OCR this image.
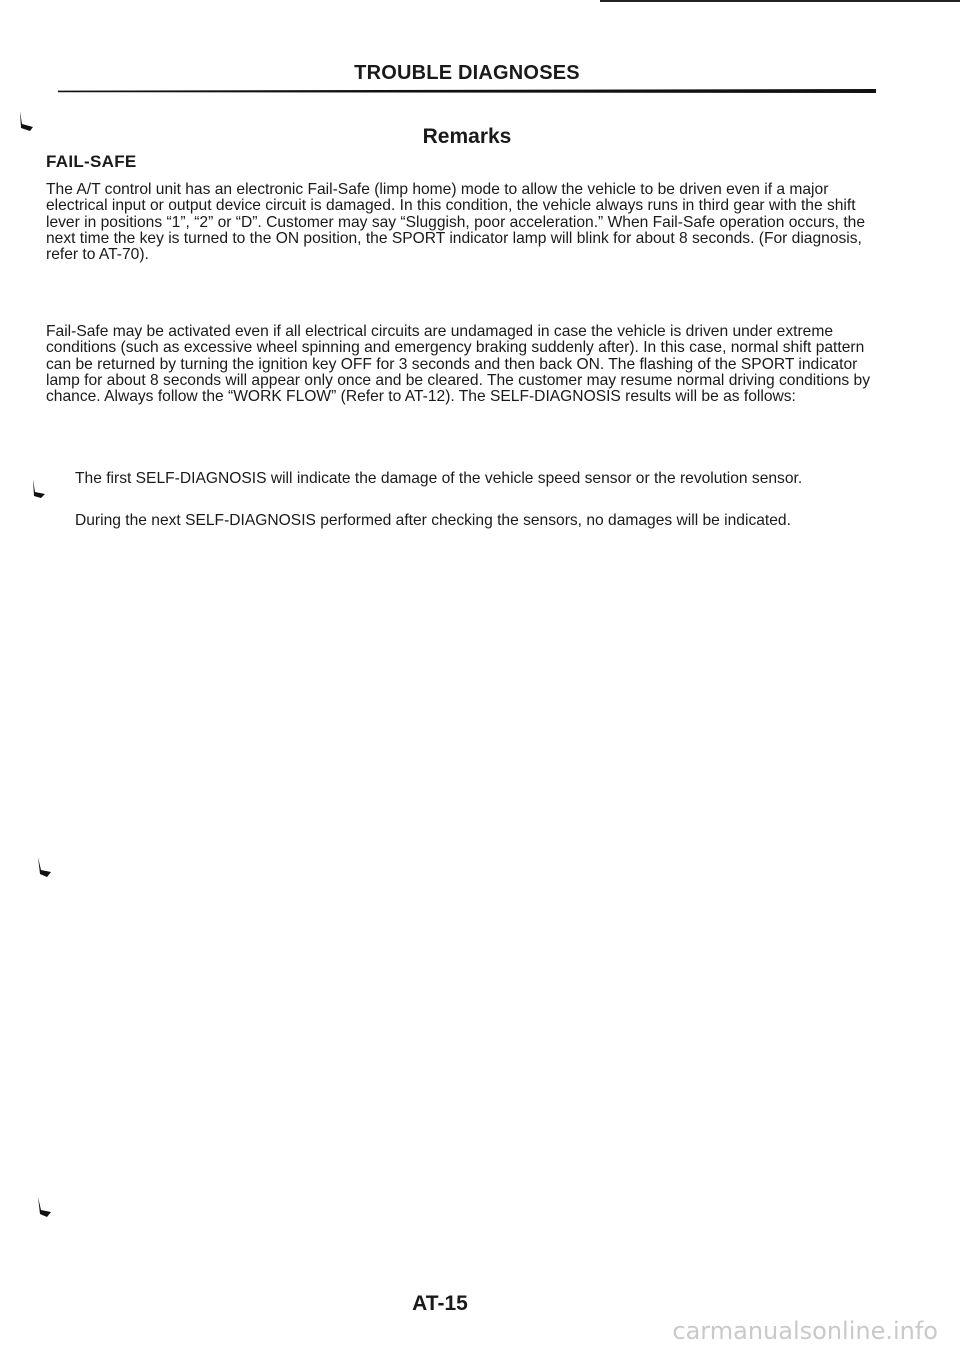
TROUBLE DIAGNOSES
Remarks
FAIL-SAFE

The A/T control unit has an electronic Fail-Safe (limp home) mode to allow the vehicle to be driven even if a major electrical input or output device circuit is damaged. In this condition, the vehicle always runs in third gear with the shift lever in positions “1”, “2” or “D”. Customer may say “Sluggish, poor acceleration.” When Fail-Safe operation occurs, the next time the key is turned to the ON position, the SPORT indicator lamp will blink for about 8 seconds. (For diagnosis, refer to AT-70).

Fail-Safe may be activated even if all electrical circuits are undamaged in case the vehicle is driven under extreme conditions (such as excessive wheel spinning and emergency braking suddenly after). In this case, normal shift pattern can be returned by turning the ignition key OFF for 3 seconds and then back ON. The flashing of the SPORT indicator lamp for about 8 seconds will appear only once and be cleared. The customer may resume normal driving conditions by chance. Always follow the “WORK FLOW” (Refer to AT-12). The SELF-DIAGNOSIS results will be as follows:

The first SELF-DIAGNOSIS will indicate the damage of the vehicle speed sensor or the revolution sensor.

During the next SELF-DIAGNOSIS performed after checking the sensors, no damages will be indicated.

AT-15
carmanualsonline.info
